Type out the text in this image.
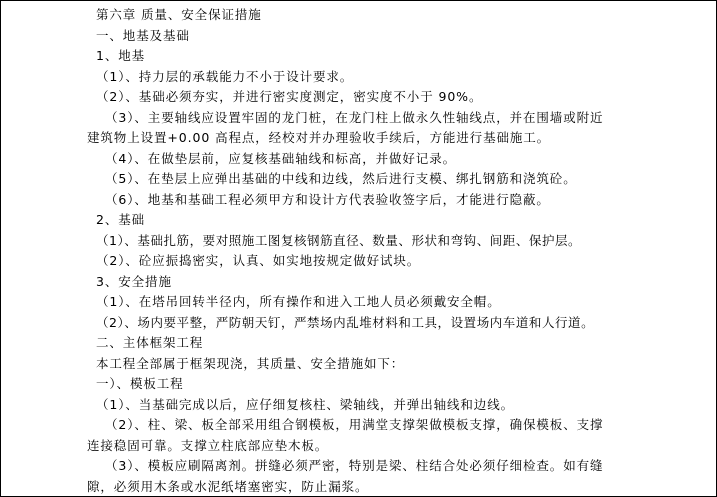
第六章 质量、安全保证措施
一、地基及基础
1、地基
（1）、持力层的承载能力不小于设计要求。
（2）、基础必须夯实，并进行密实度测定，密实度不小于 90%。
（3）、主要轴线应设置牢固的龙门桩，在龙门柱上做永久性轴线点，并在围墙或附近
建筑物上设置+0.00 高程点，经校对并办理验收手续后，方能进行基础施工。
（4）、在做垫层前，应复核基础轴线和标高，并做好记录。
（5）、在垫层上应弹出基础的中线和边线，然后进行支模、绑扎钢筋和浇筑砼。
（6）、地基和基础工程必须甲方和设计方代表验收签字后，才能进行隐蔽。
2、基础
（1）、基础扎筋，要对照施工图复核钢筋直径、数量、形状和弯钩、间距、保护层。
（2）、砼应振捣密实，认真、如实地按规定做好试块。
3、安全措施
（1）、在塔吊回转半径内，所有操作和进入工地人员必须戴安全帽。
（2）、场内要平整，严防朝天钉，严禁场内乱堆材料和工具，设置场内车道和人行道。
二、主体框架工程
本工程全部属于框架现浇，其质量、安全措施如下：
一）、模板工程
（1）、当基础完成以后，应仔细复核柱、梁轴线，并弹出轴线和边线。
（2）、柱、梁、板全部采用组合钢模板，用满堂支撑架做模板支撑，确保模板、支撑
连接稳固可靠。支撑立柱底部应垫木板。
（3）、模板应刷隔离剂。拼缝必须严密，特别是梁、柱结合处必须仔细检查。如有缝
隙，必须用木条或水泥纸堵塞密实，防止漏浆。
